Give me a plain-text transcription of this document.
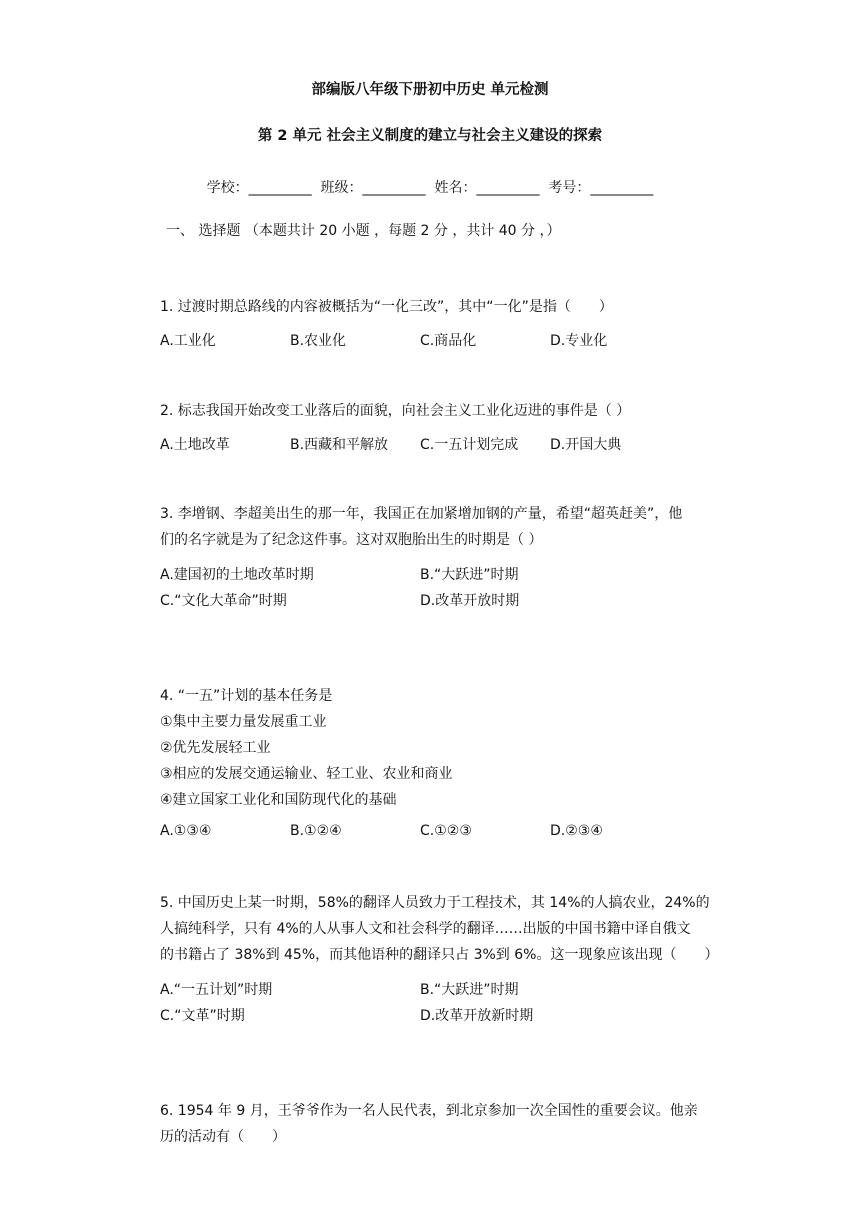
部编版八年级下册初中历史 单元检测
第 2 单元 社会主义制度的建立与社会主义建设的探索
学校：_________  班级：_________  姓名：_________  考号：_________
一、 选择题 （本题共计 20 小题 ，每题 2 分 ，共计 40 分 ，）
1. 过渡时期总路线的内容被概括为“一化三改”，其中“一化”是指（　　）
A.工业化	B.农业化	C.商品化	D.专业化
2. 标志我国开始改变工业落后的面貌，向社会主义工业化迈进的事件是（ ）
A.土地改革	B.西藏和平解放 C.一五计划完成 D.开国大典
3. 李增钢、李超美出生的那一年，我国正在加紧增加钢的产量，希望“超英赶美”，他
们的名字就是为了纪念这件事。这对双胞胎出生的时期是（ ）
A.建国初的土地改革时期	B.“大跃进”时期
C.“文化大革命”时期	D.改革开放时期
4. “一五”计划的基本任务是
①集中主要力量发展重工业
②优先发展轻工业
③相应的发展交通运输业、轻工业、农业和商业
④建立国家工业化和国防现代化的基础
A.①③④	B.①②④	C.①②③	D.②③④
5. 中国历史上某一时期，58%的翻译人员致力于工程技术，其 14%的人搞农业，24%的
人搞纯科学，只有 4%的人从事人文和社会科学的翻译……出版的中国书籍中译自俄文
的书籍占了 38%到 45%，而其他语种的翻译只占 3%到 6%。这一现象应该出现（　　）
A.“一五计划”时期	B.“大跃进”时期
C.“文革”时期	D.改革开放新时期
6. 1954 年 9 月，王爷爷作为一名人民代表，到北京参加一次全国性的重要会议。他亲
历的活动有（　　）
